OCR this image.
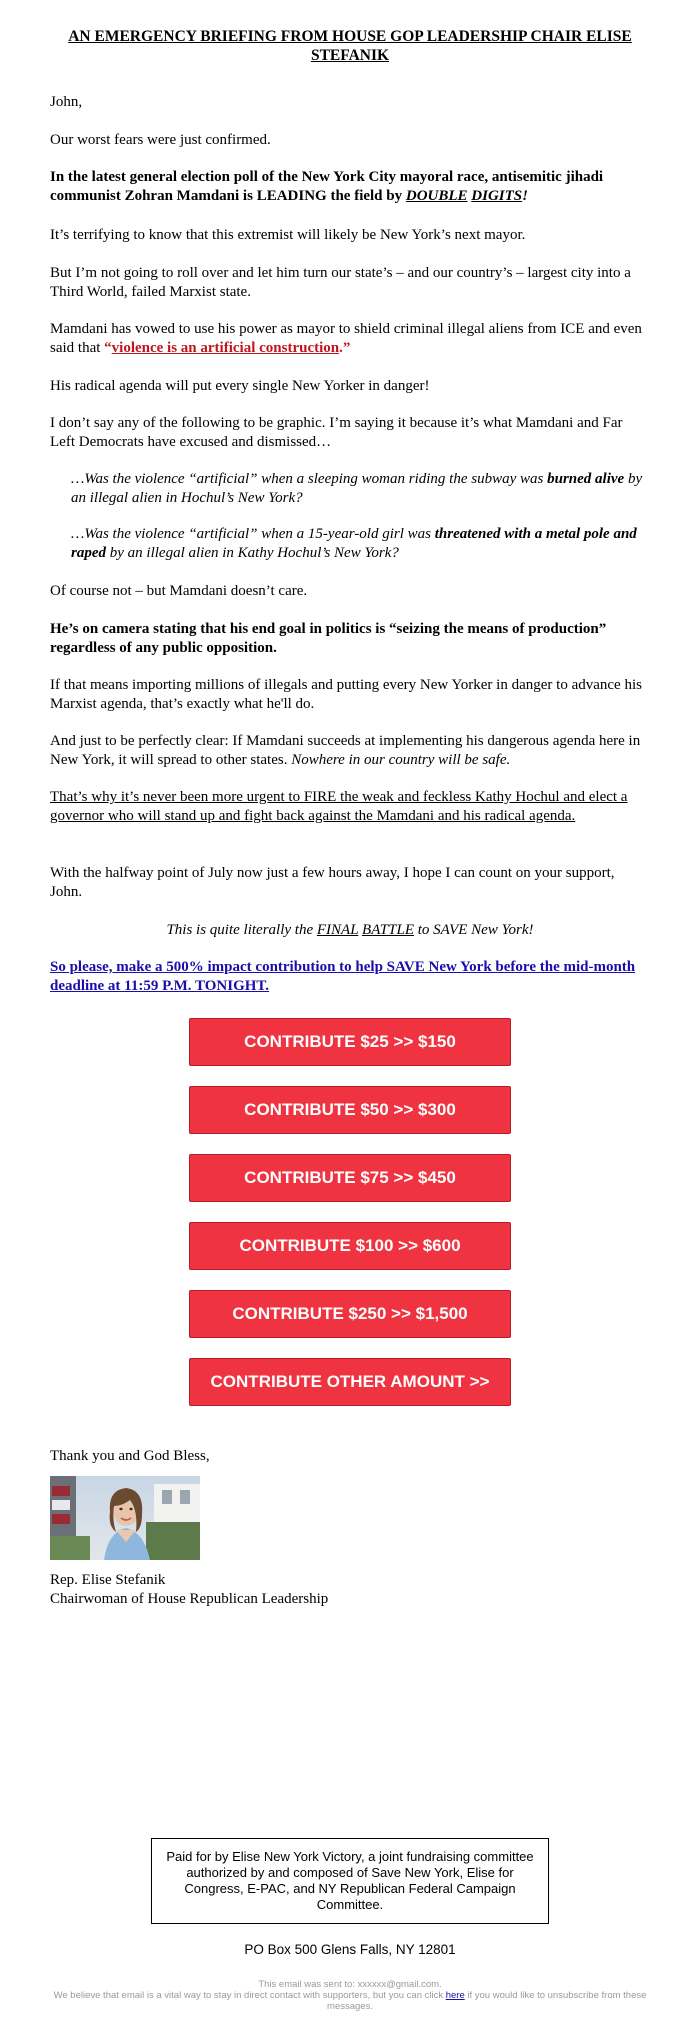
AN EMERGENCY BRIEFING FROM HOUSE GOP LEADERSHIP CHAIR ELISE STEFANIK

John,

Our worst fears were just confirmed.

In the latest general election poll of the New York City mayoral race, antisemitic jihadi communist Zohran Mamdani is LEADING the field by DOUBLE DIGITS!

It’s terrifying to know that this extremist will likely be New York’s next mayor.

But I’m not going to roll over and let him turn our state’s – and our country’s – largest city into a Third World, failed Marxist state.

Mamdani has vowed to use his power as mayor to shield criminal illegal aliens from ICE and even said that “violence is an artificial construction.”

His radical agenda will put every single New Yorker in danger!

I don’t say any of the following to be graphic. I’m saying it because it’s what Mamdani and Far Left Democrats have excused and dismissed…

…Was the violence “artificial” when a sleeping woman riding the subway was burned alive by an illegal alien in Hochul’s New York?

…Was the violence “artificial” when a 15-year-old girl was threatened with a metal pole and raped by an illegal alien in Kathy Hochul’s New York?

Of course not – but Mamdani doesn’t care.

He’s on camera stating that his end goal in politics is “seizing the means of production” regardless of any public opposition.

If that means importing millions of illegals and putting every New Yorker in danger to advance his Marxist agenda, that’s exactly what he'll do.

And just to be perfectly clear: If Mamdani succeeds at implementing his dangerous agenda here in New York, it will spread to other states. Nowhere in our country will be safe.

That’s why it’s never been more urgent to FIRE the weak and feckless Kathy Hochul and elect a governor who will stand up and fight back against the Mamdani and his radical agenda.

With the halfway point of July now just a few hours away, I hope I can count on your support, John.

This is quite literally the FINAL BATTLE to SAVE New York!

So please, make a 500% impact contribution to help SAVE New York before the mid-month deadline at 11:59 P.M. TONIGHT.

CONTRIBUTE $25 >> $150
CONTRIBUTE $50 >> $300
CONTRIBUTE $75 >> $450
CONTRIBUTE $100 >> $600
CONTRIBUTE $250 >> $1,500
CONTRIBUTE OTHER AMOUNT >>

Thank you and God Bless,

Rep. Elise Stefanik

Chairwoman of House Republican Leadership

Paid for by Elise New York Victory, a joint fundraising committee authorized by and composed of Save New York, Elise for Congress, E-PAC, and NY Republican Federal Campaign Committee.
PO Box 500 Glens Falls, NY 12801
This email was sent to: xxxxxx@gmail.com.
We believe that email is a vital way to stay in direct contact with supporters, but you can click here if you would like to unsubscribe from these messages.
